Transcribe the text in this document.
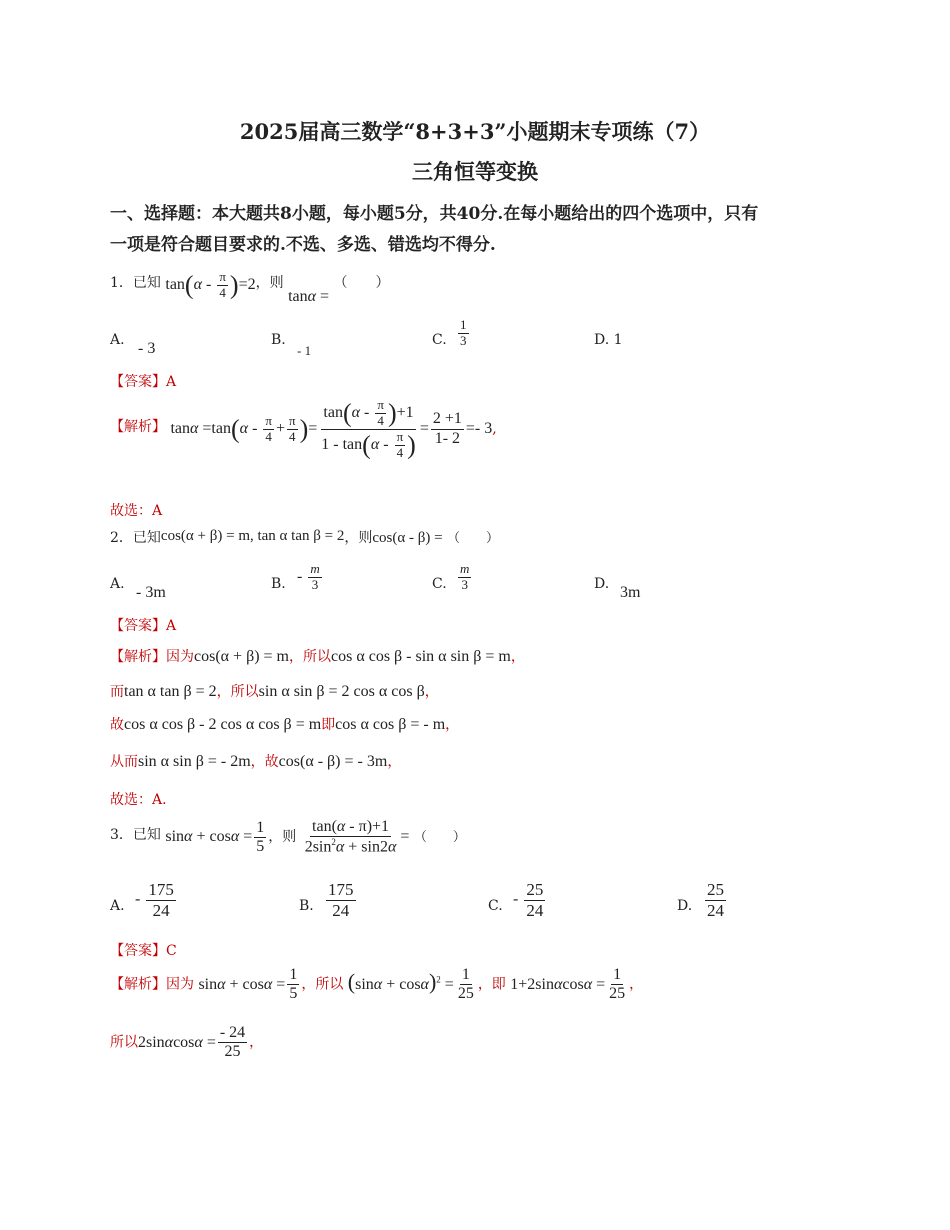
2025届高三数学“8+3+3”小题期末专项练（7）
三角恒等变换
一、选择题：本大题共8小题，每小题5分，共40分.在每小题给出的四个选项中，只有
一项是符合题目要求的.不选、多选、错选均不得分.
1．已知 $\tan(\alpha - \frac{\pi}{4} )=2$，则 tanα = （　　）
A. - 3	B.
- 1
C. $\frac{1}{3}$	D. 1
【答案】A
【解析】 $\tan\alpha =\tan(\alpha - \frac{\pi}{4} + \frac{\pi}{4}$ )= $\frac{\tan(\alpha - \frac{\pi}{4} )+1}{1 - \tan(\alpha - \frac{\pi}{4} )} = \frac{2 +1}{1- 2} =- 3$,
故选：A
2．已知cos(α + β) = m, tan α tan β = 2，则cos(α - β) = （　　）
A. - 3m	B. - $\frac{m}{3}$	C. $\frac{m}{3}$	D. 3m
【答案】A
【解析】因为cos(α + β) = m，所以cos α cos β - sin α sin β = m，
而tan α tan β = 2，所以sin α sin β = 2 cos α cos β，
故cos α cos β - 2 cos α cos β = m即cos α cos β = - m，
从而sin α sin β = - 2m，故cos(α - β) = - 3m，
故选：A.
3．已知 $\sin\alpha + \cos\alpha = \frac{1}{5}$ ，则 $\frac{\tan(\alpha - \pi)+1}{2\sin^2\alpha + \sin 2\alpha}$ = （　　）
A. - $\frac{175}{24}$	B. $\frac{175}{24}$	C. - $\frac{25}{24}$	D. $\frac{25}{24}$
【答案】C
【解析】因为 $\sin\alpha + \cos\alpha = \frac{1}{5}$ ，所以 $(\sin\alpha + \cos\alpha)^2 = \frac{1}{25}$ ，即 $1+2\sin\alpha\cos\alpha = \frac{1}{25}$ ，
所以$2\sin\alpha\cos\alpha = \frac{- 24}{25}$ ，
